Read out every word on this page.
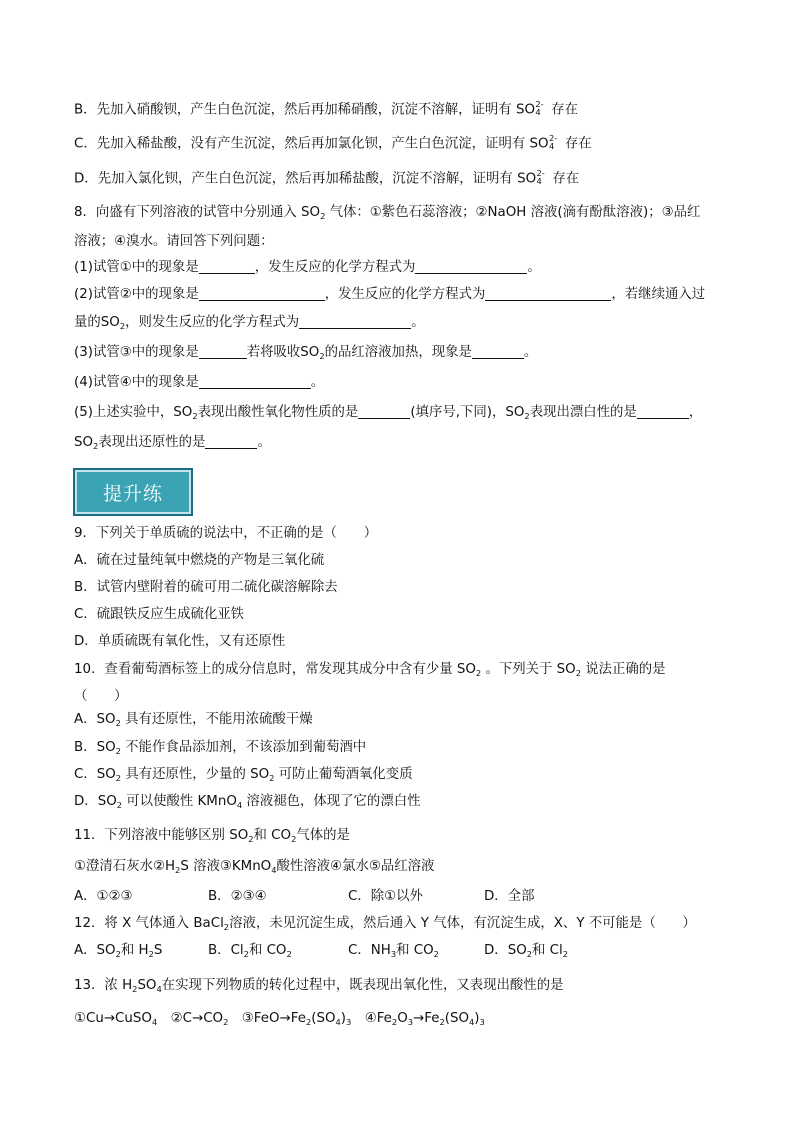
B．先加入硝酸钡，产生白色沉淀，然后再加稀硝酸，沉淀不溶解，证明有 SO 2-
4 存在
C．先加入稀盐酸，没有产生沉淀，然后再加氯化钡，产生白色沉淀，证明有 SO 2-
4 存在
D．先加入氯化钡，产生白色沉淀，然后再加稀盐酸，沉淀不溶解，证明有 SO 2-
4 存在
8．向盛有下列溶液的试管中分别通入 $SO_2$ 气体：①紫色石蕊溶液；②NaOH 溶液(滴有酚酞溶液)；③品红
溶液；④溴水。请回答下列问题：
(1)试管①中的现象是	，发生反应的化学方程式为	。
(2)试管②中的现象是	，发生反应的化学方程式为	，若继续通入过
量的$SO_2$，则发生反应的化学方程式为	。
(3)试管③中的现象是	若将吸收$SO_2$的品红溶液加热，现象是	。
(4)试管④中的现象是	。
(5)上述实验中，$SO_2$表现出酸性氧化物性质的是	(填序号,下同)，$SO_2$表现出漂白性的是	，
$SO_2$表现出还原性的是	。
提升练
9．下列关于单质硫的说法中，不正确的是（　　）
A．硫在过量纯氧中燃烧的产物是三氧化硫
B．试管内壁附着的硫可用二硫化碳溶解除去
C．硫跟铁反应生成硫化亚铁
D．单质硫既有氧化性，又有还原性
10．查看葡萄酒标签上的成分信息时，常发现其成分中含有少量 $SO_2$ 。下列关于 $SO_2$ 说法正确的是
（　　）
A．$SO_2$ 具有还原性，不能用浓硫酸干燥
B．$SO_2$ 不能作食品添加剂，不该添加到葡萄酒中
C．$SO_2$ 具有还原性，少量的 $SO_2$ 可防止葡萄酒氧化变质
D．$SO_2$ 可以使酸性 KMnO$_4$ 溶液褪色，体现了它的漂白性
11．下列溶液中能够区别 $SO_2$和 $CO_2$气体的是
①澄清石灰水$②H_2S$ 溶液③KMnO$_4$酸性溶液④氯水⑤品红溶液
A．①②③	B．②③④	C．除①以外	D．全部
12．将 X 气体通入 BaCl$_2$溶液，未见沉淀生成，然后通入 Y 气体，有沉淀生成，X、Y 不可能是（　　）
A．$SO_2$和 $H_2S$	B．$Cl_2$和 $CO_2$	C．$NH_3$和 $CO_2$	D．$SO_2$和 $Cl_2$
13．浓 $H_2SO_4$在实现下列物质的转化过程中，既表现出氧化性，又表现出酸性的是
①Cu→CuSO$_4$　 $②C\to CO_2$　 $③FeO\to Fe_2(SO_4)_3$　 $④Fe_2O_3\to Fe_2(SO_4)_3$
